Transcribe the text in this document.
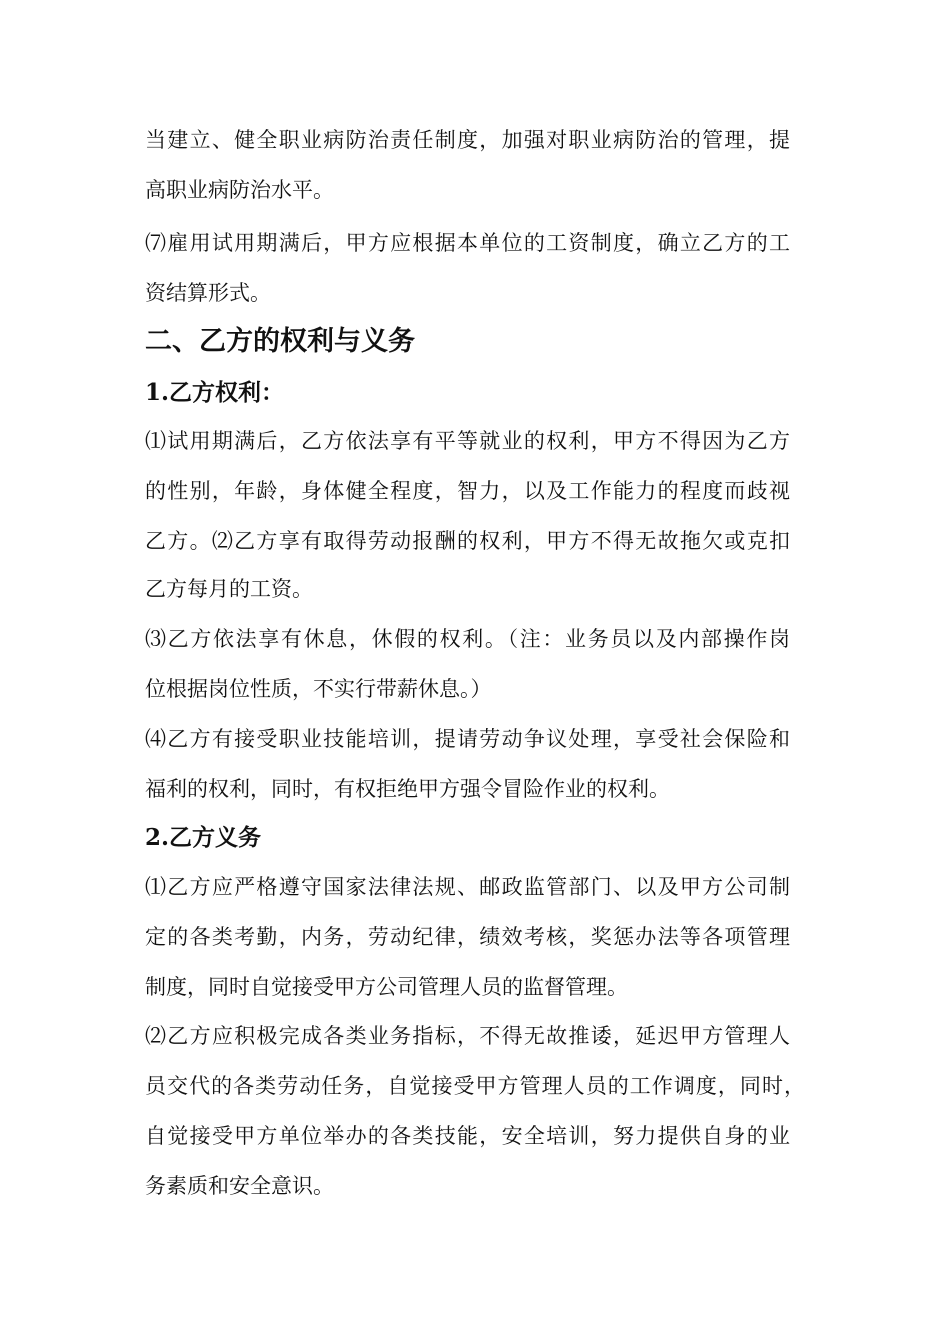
当建立、健全职业病防治责任制度，加强对职业病防治的管理，提
高职业病防治水平。
⑺雇用试用期满后，甲方应根据本单位的工资制度，确立乙方的工
资结算形式。
二、乙方的权利与义务
1.乙方权利：
⑴试用期满后，乙方依法享有平等就业的权利，甲方不得因为乙方
的性别，年龄，身体健全程度，智力，以及工作能力的程度而歧视
乙方。⑵乙方享有取得劳动报酬的权利，甲方不得无故拖欠或克扣
乙方每月的工资。
⑶乙方依法享有休息，休假的权利。（注：业务员以及内部操作岗
位根据岗位性质，不实行带薪休息。）
⑷乙方有接受职业技能培训，提请劳动争议处理，享受社会保险和
福利的权利，同时，有权拒绝甲方强令冒险作业的权利。
2.乙方义务
⑴乙方应严格遵守国家法律法规、邮政监管部门、以及甲方公司制
定的各类考勤，内务，劳动纪律，绩效考核，奖惩办法等各项管理
制度，同时自觉接受甲方公司管理人员的监督管理。
⑵乙方应积极完成各类业务指标，不得无故推诿，延迟甲方管理人
员交代的各类劳动任务，自觉接受甲方管理人员的工作调度，同时，
自觉接受甲方单位举办的各类技能，安全培训，努力提供自身的业
务素质和安全意识。
